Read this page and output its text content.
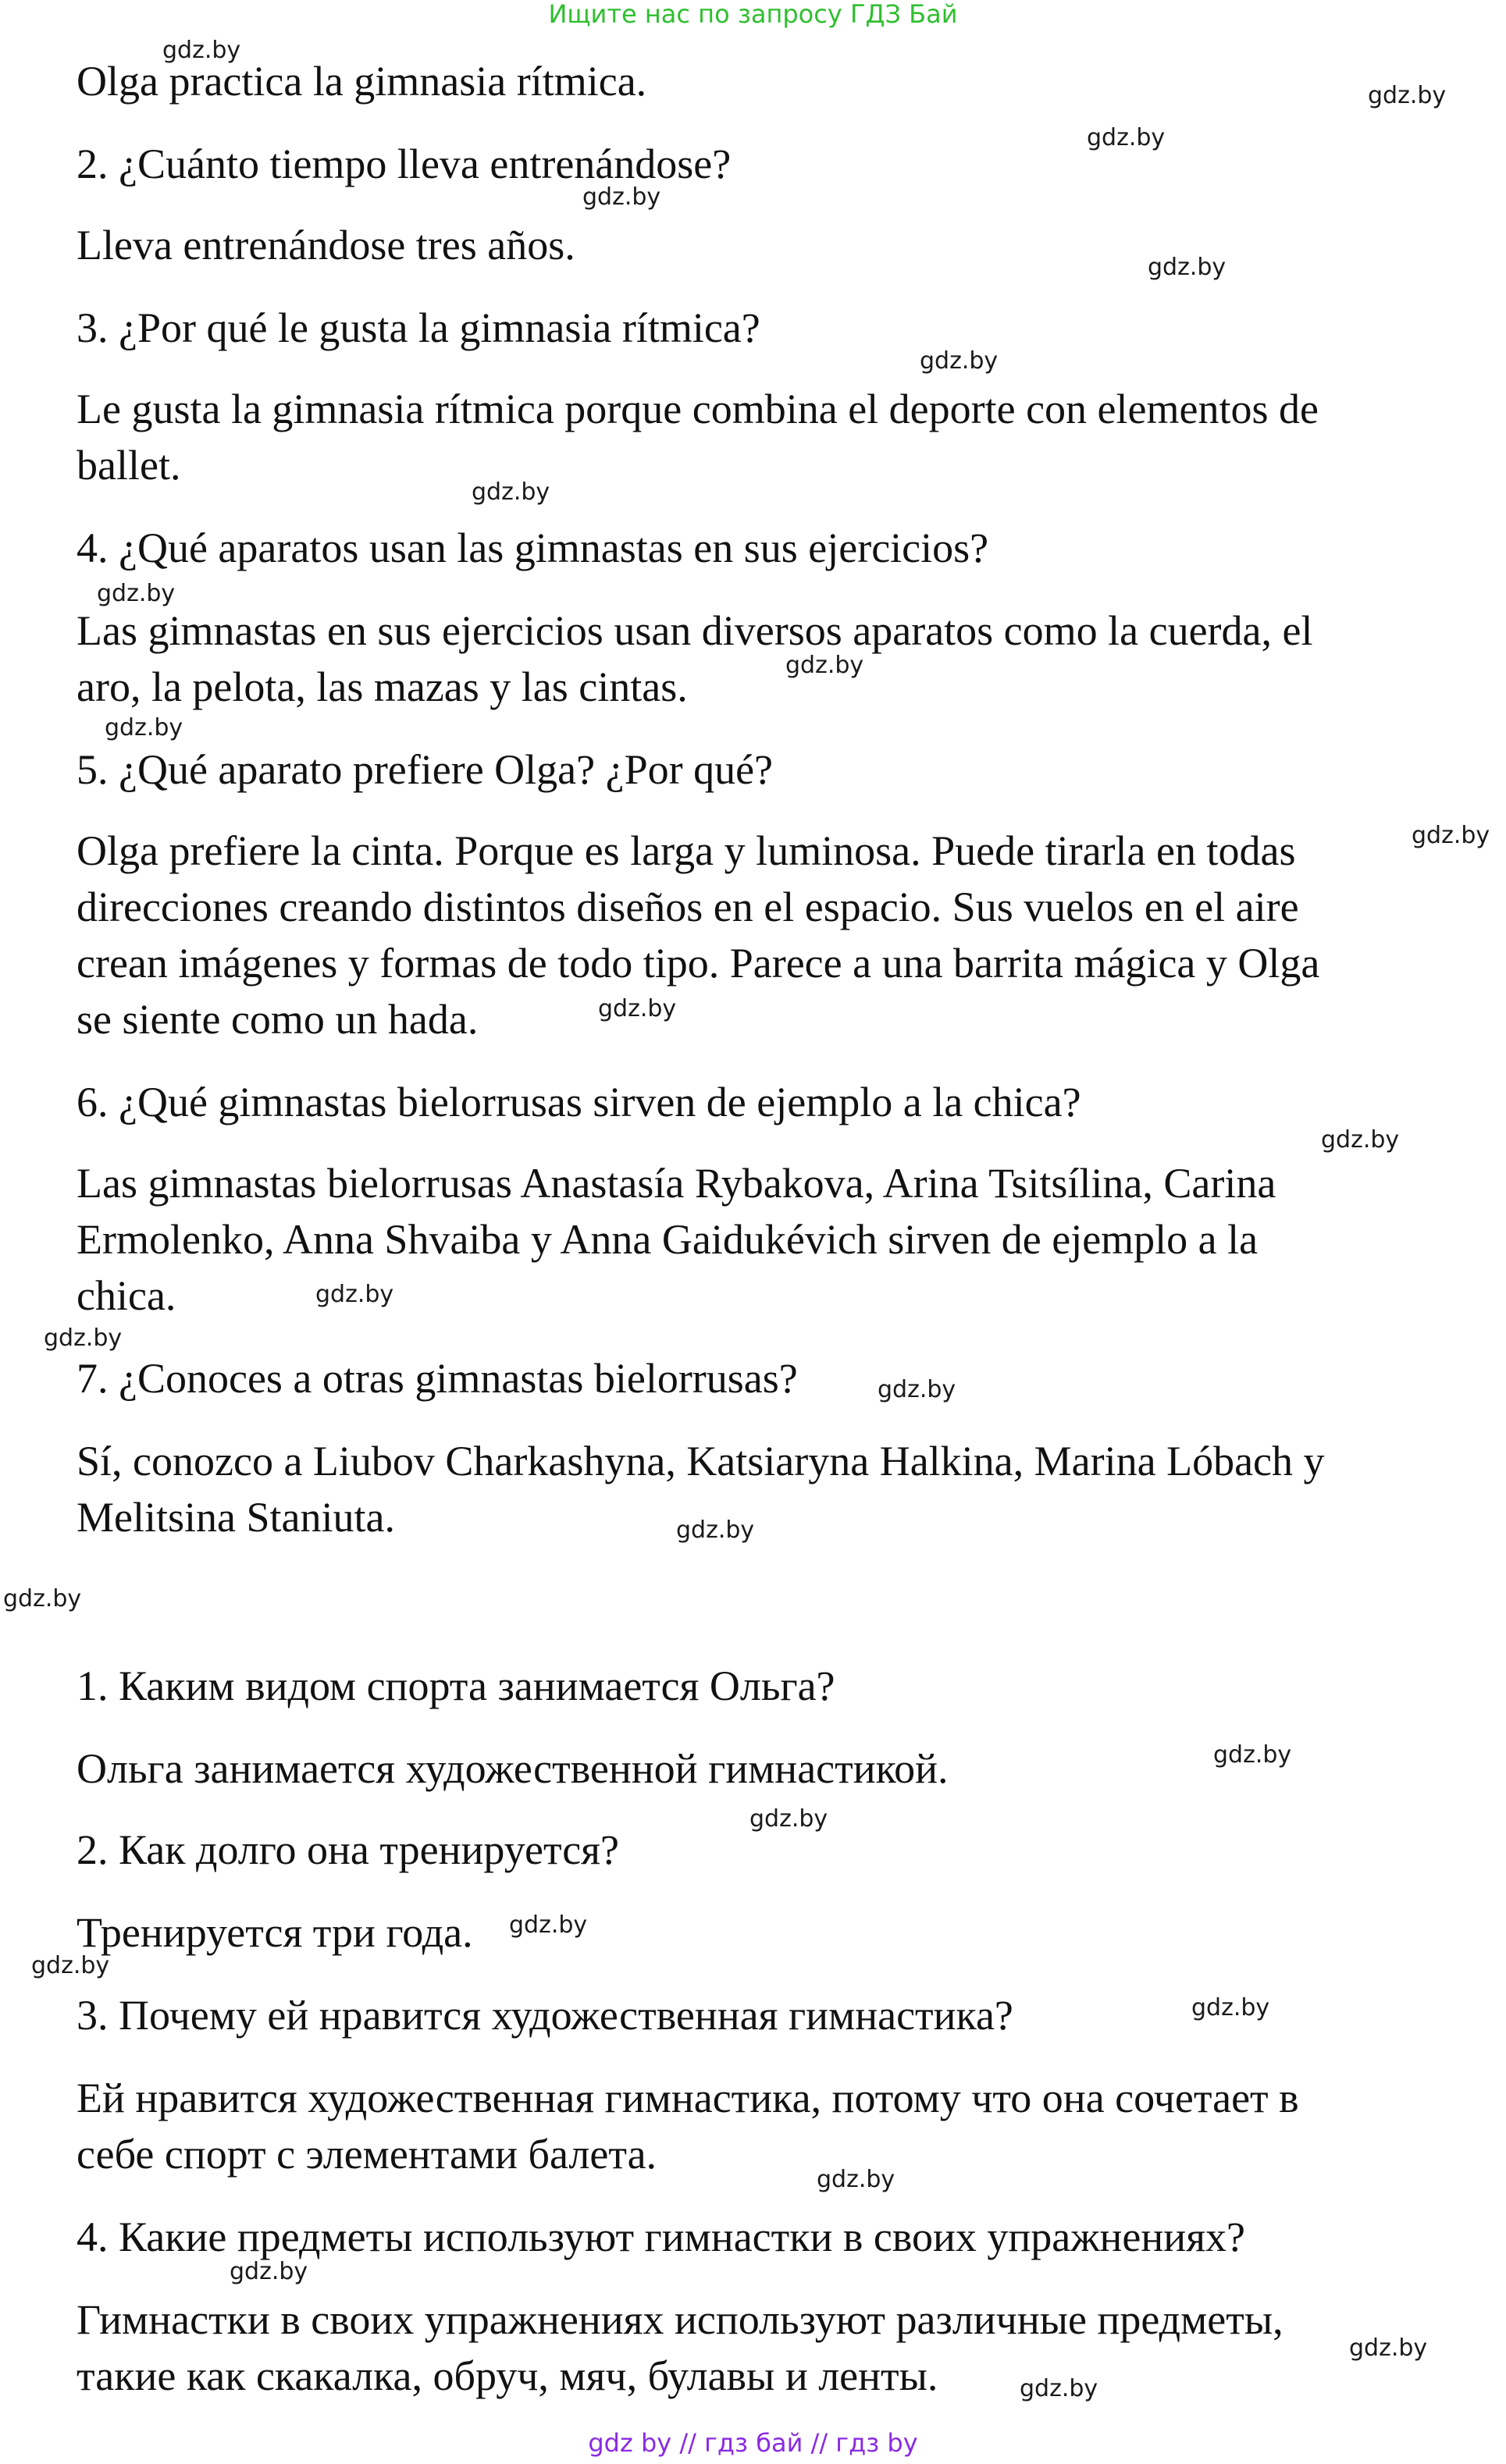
Ищите нас по запросу ГДЗ Бай

Olga practica la gimnasia rítmica.

2. ¿Cuánto tiempo lleva entrenándose?

Lleva entrenándose tres años.

3. ¿Por qué le gusta la gimnasia rítmica?

Le gusta la gimnasia rítmica porque combina el deporte con elementos de
ballet.

4. ¿Qué aparatos usan las gimnastas en sus ejercicios?

Las gimnastas en sus ejercicios usan diversos aparatos como la cuerda, el
aro, la pelota, las mazas y las cintas.

5. ¿Qué aparato prefiere Olga? ¿Por qué?

Olga prefiere la cinta. Porque es larga y luminosa. Puede tirarla en todas
direcciones creando distintos diseños en el espacio. Sus vuelos en el aire
crean imágenes y formas de todo tipo. Parece a una barrita mágica y Olga
se siente como un hada.

6. ¿Qué gimnastas bielorrusas sirven de ejemplo a la chica?

Las gimnastas bielorrusas Anastasía Rybakova, Arina Tsitsílina, Carina
Ermolenko, Anna Shvaiba y Anna Gaidukévich sirven de ejemplo a la
chica.

7. ¿Conoces a otras gimnastas bielorrusas?

Sí, conozco a Liubov Charkashyna, Katsiaryna Halkina, Marina Lóbach y
Melitsina Staniuta.

1. Каким видом спорта занимается Ольга?

Ольга занимается художественной гимнастикой.

2. Как долго она тренируется?

Тренируется три года.

3. Почему ей нравится художественная гимнастика?

Ей нравится художественная гимнастика, потому что она сочетает в
себе спорт с элементами балета.

4. Какие предметы используют гимнастки в своих упражнениях?

Гимнастки в своих упражнениях используют различные предметы,
такие как скакалка, обруч, мяч, булавы и ленты.

gdz.by
gdz.by
gdz.by
gdz.by
gdz.by
gdz.by
gdz.by
gdz.by
gdz.by
gdz.by
gdz.by
gdz.by
gdz.by
gdz.by
gdz.by
gdz.by
gdz.by
gdz.by
gdz.by
gdz.by
gdz.by
gdz.by
gdz.by
gdz.by
gdz.by
gdz.by
gdz.by
gdz by // гдз бай // гдз by
